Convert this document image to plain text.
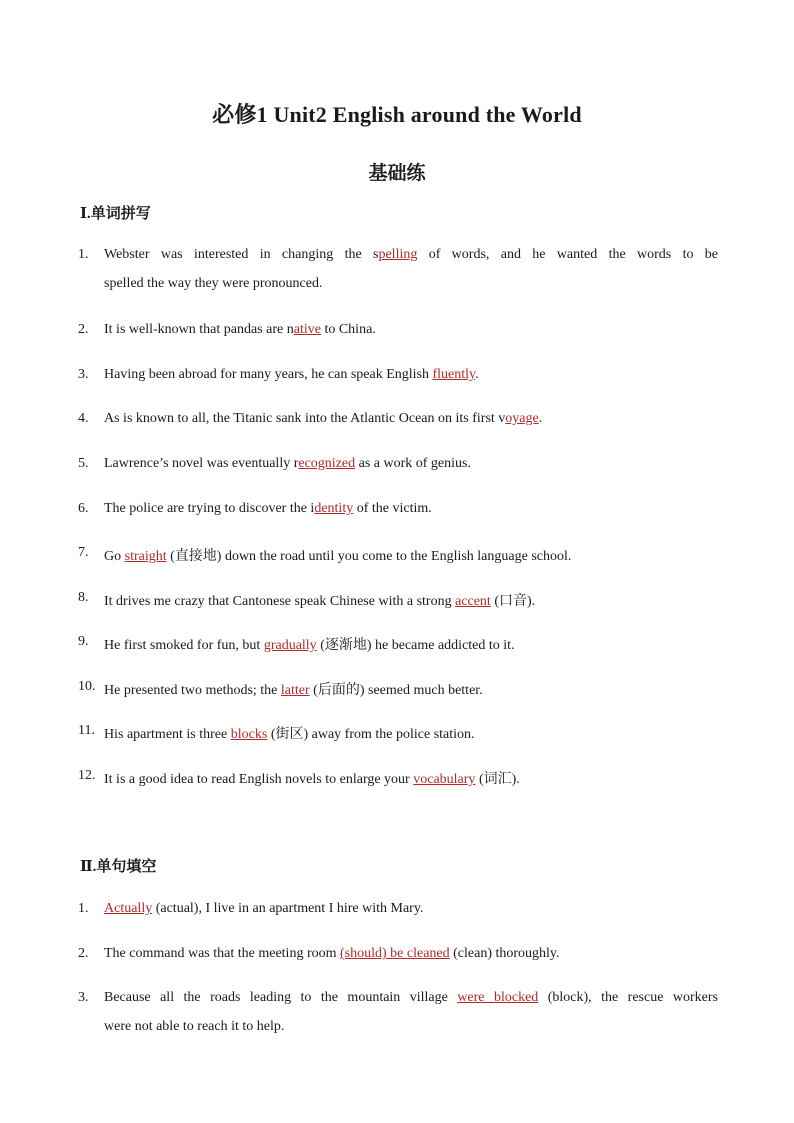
必修1 Unit2 English around the World
基础练
Ⅰ.单词拼写
1. Webster was interested in changing the spelling of words, and he wanted the words to be
spelled the way they were pronounced.
2. It is well-known that pandas are native to China.
3. Having been abroad for many years, he can speak English fluently.
4. As is known to all, the Titanic sank into the Atlantic Ocean on its first voyage.
5. Lawrence’s novel was eventually recognized as a work of genius.
6. The police are trying to discover the identity of the victim.
7. Go straight (直接地) down the road until you come to the English language school.
8. It drives me crazy that Cantonese speak Chinese with a strong accent (口音).
9. He first smoked for fun, but gradually (逐渐地) he became addicted to it.
10. He presented two methods; the latter (后面的) seemed much better.
11. His apartment is three blocks (街区) away from the police station.
12. It is a good idea to read English novels to enlarge your vocabulary (词汇).
Ⅱ.单句填空
1. Actually (actual), I live in an apartment I hire with Mary.
2. The command was that the meeting room (should) be cleaned (clean) thoroughly.
3. Because all the roads leading to the mountain village were blocked (block), the rescue workers
were not able to reach it to help.
